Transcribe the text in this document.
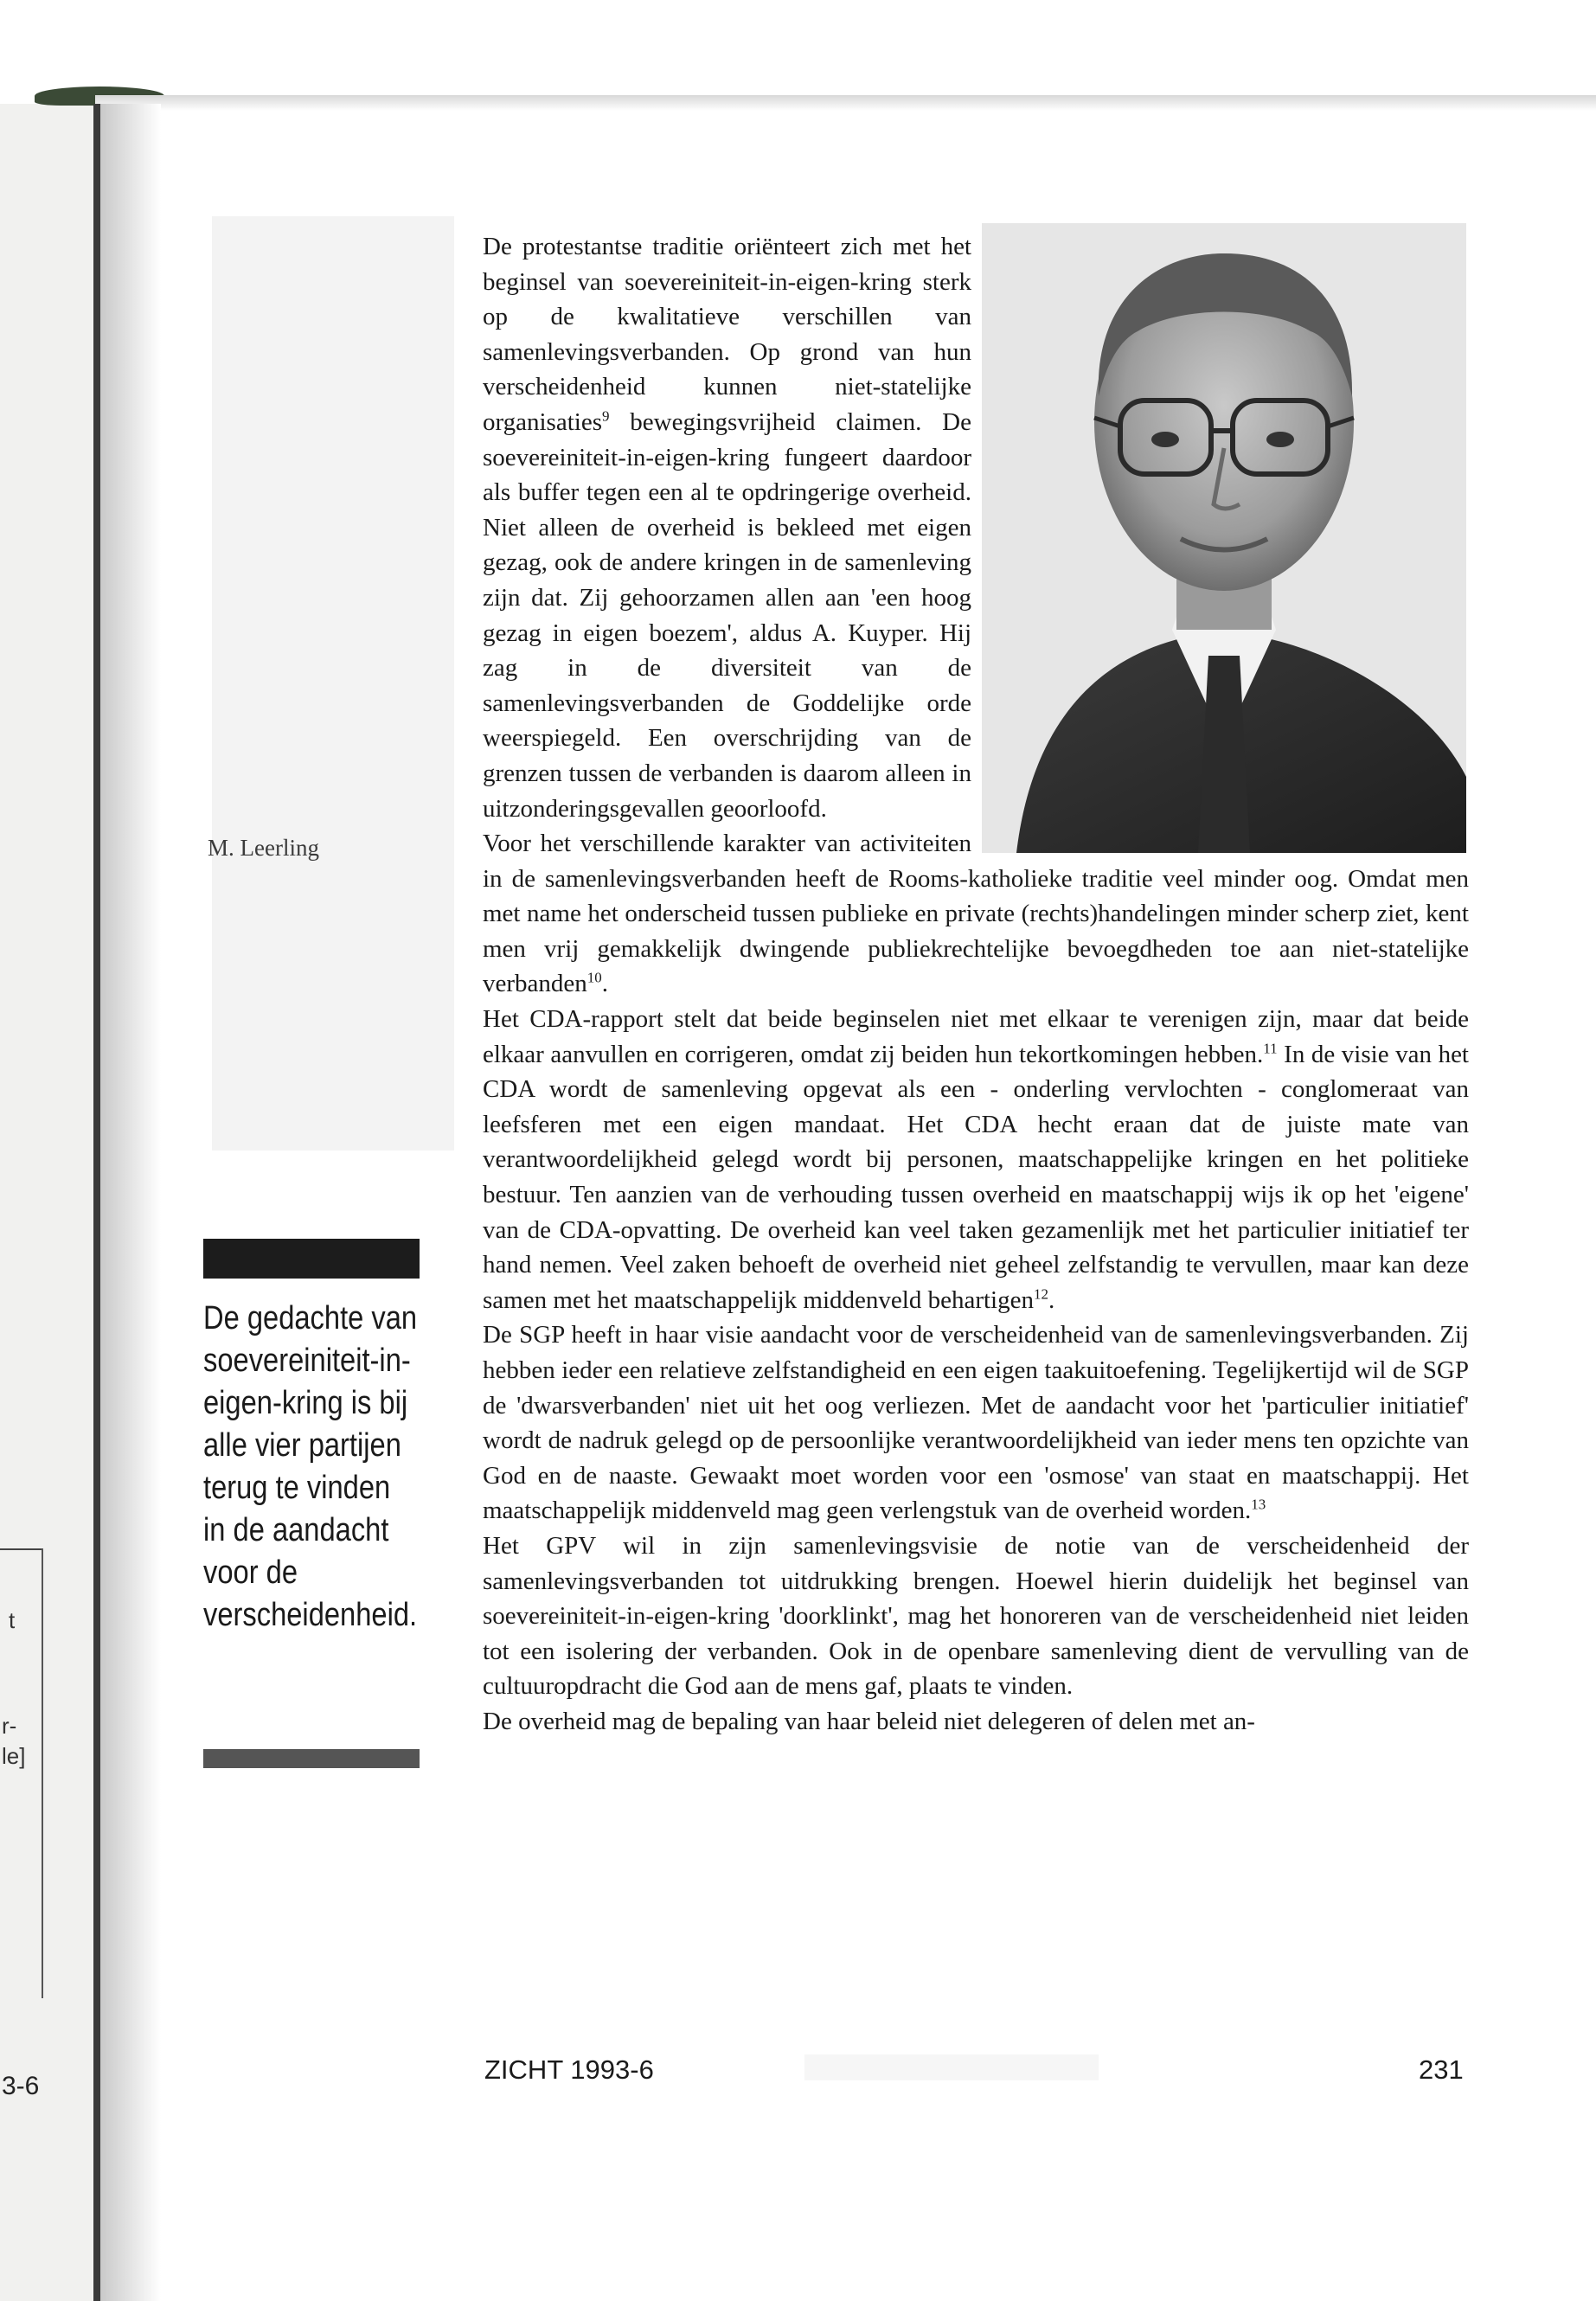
r-
le]
t
3-6

M. Leerling

De gedachte van soevereiniteit-in-eigen-kring is bij alle vier partijen terug te vinden in de aandacht voor de verscheidenheid.

De protestantse traditie oriënteert zich met het beginsel van soevereiniteit-in-eigen-kring sterk op de kwalitatieve verschillen van samenlevingsverbanden. Op grond van hun verscheidenheid kunnen niet-statelijke organisaties$^9$ bewegingsvrijheid claimen. De soevereiniteit-in-eigen-kring fungeert daardoor als buffer tegen een al te opdringerige overheid. Niet alleen de overheid is bekleed met eigen gezag, ook de andere kringen in de samenleving zijn dat. Zij gehoorzamen allen aan 'een hoog gezag in eigen boezem', aldus A. Kuyper. Hij zag in de diversiteit van de samenlevingsverbanden de Goddelijke orde weerspiegeld. Een overschrijding van de grenzen tussen de verbanden is daarom alleen in uitzonderingsgevallen geoorloofd.

Voor het verschillende karakter van activiteiten in de samenlevingsverbanden heeft de Rooms-katholieke traditie veel minder oog. Omdat men met name het onderscheid tussen publieke en private (rechts)handelingen minder scherp ziet, kent men vrij gemakkelijk dwingende publiekrechtelijke bevoegdheden toe aan niet-statelijke verbanden$^{10}$.

Het CDA-rapport stelt dat beide beginselen niet met elkaar te verenigen zijn, maar dat beide elkaar aanvullen en corrigeren, omdat zij beiden hun tekortkomingen hebben.$^{11}$ In de visie van het CDA wordt de samenleving opgevat als een - onderling vervlochten - conglomeraat van leefsferen met een eigen mandaat. Het CDA hecht eraan dat de juiste mate van verantwoordelijkheid gelegd wordt bij personen, maatschappelijke kringen en het politieke bestuur. Ten aanzien van de verhouding tussen overheid en maatschappij wijs ik op het 'eigene' van de CDA-opvatting. De overheid kan veel taken gezamenlijk met het particulier initiatief ter hand nemen. Veel zaken behoeft de overheid niet geheel zelfstandig te vervullen, maar kan deze samen met het maatschappelijk middenveld behartigen$^{12}$.

De SGP heeft in haar visie aandacht voor de verscheidenheid van de samenlevingsverbanden. Zij hebben ieder een relatieve zelfstandigheid en een eigen taakuitoefening. Tegelijkertijd wil de SGP de 'dwarsverbanden' niet uit het oog verliezen. Met de aandacht voor het 'particulier initiatief' wordt de nadruk gelegd op de persoonlijke verantwoordelijkheid van ieder mens ten opzichte van God en de naaste. Gewaakt moet worden voor een 'osmose' van staat en maatschappij. Het maatschappelijk middenveld mag geen verlengstuk van de overheid worden.$^{13}$

Het GPV wil in zijn samenlevingsvisie de notie van de verscheidenheid der samenlevingsverbanden tot uitdrukking brengen. Hoewel hierin duidelijk het beginsel van soevereiniteit-in-eigen-kring 'doorklinkt', mag het honoreren van de verscheidenheid niet leiden tot een isolering der verbanden. Ook in de openbare samenleving dient de vervulling van de cultuuropdracht die God aan de mens gaf, plaats te vinden.

De overheid mag de bepaling van haar beleid niet delegeren of delen met an-

ZICHT 1993-6	231
